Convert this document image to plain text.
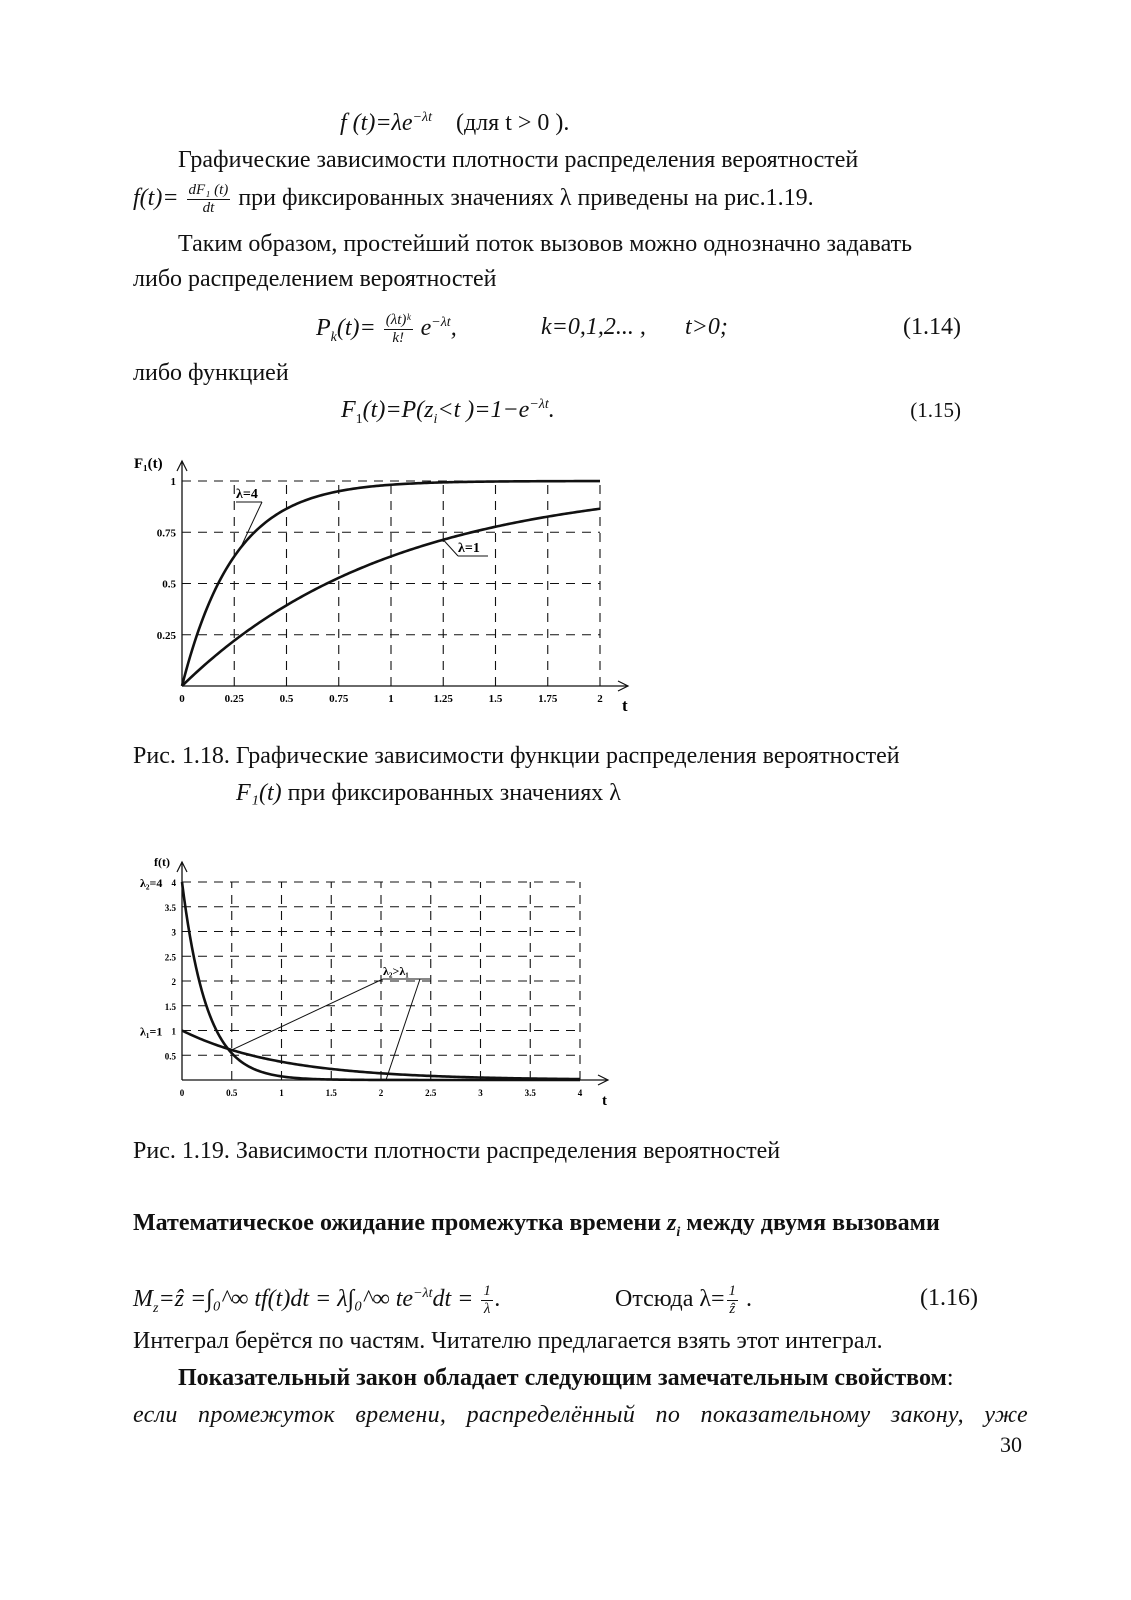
f $(t)=\lambda e^{-\lambda t}$ (для t > 0 ).
Графические зависимости плотности распределения вероятностей
$f(t)= \frac{\text{dF₁ (t)}}{dt}$ при фиксированных значениях λ приведены на рис.1.19.
Таким образом, простейший поток вызовов можно однозначно задавать
либо распределением вероятностей
$P_k(t)= \frac{\text{(λt)ᵏ}}{k!} e^{-\lambda t}$,	k=0,1,2... , t>0;	(1.14)
либо функцией
$F_1(t)=P(z_i<t$ )$=1-e^{-\lambda t}$.	(1.15)
0	0.25	0.5	0.75	1	1.25	1.5	1.75	2
0.25
0.5
0.75
1
t
F₁(t)
λ=4
λ=1
Рис. 1.18. Графические зависимости функции распределения вероятностей
F₁(t) при фиксированных значениях λ
0	0.5	1	1.5	2	2.5	3	3.5	4
0.5
1
1.5
2
2.5
3
3.5
4
t
f(t)
λ₂=4
λ₁=1
λ₂>λ₁
Рис. 1.19. Зависимости плотности распределения вероятностей
Математическое ожидание промежутка времени $z_i$ между двумя вызовами
$M_z=ẑ$ =∫₀^∞ tf(t)dt = λ∫₀^∞ $te^{-\lambda t}dt = \frac{1}{\lambda}$ .	Отсюда $\lambda= \frac{1}{\text{ẑ}}$ .	(1.16)
Интеграл берётся по частям. Читателю предлагается взять этот интеграл.
Показательный закон обладает следующим замечательным свойством:
если промежуток времени, распределённый по показательному закону, уже
30
